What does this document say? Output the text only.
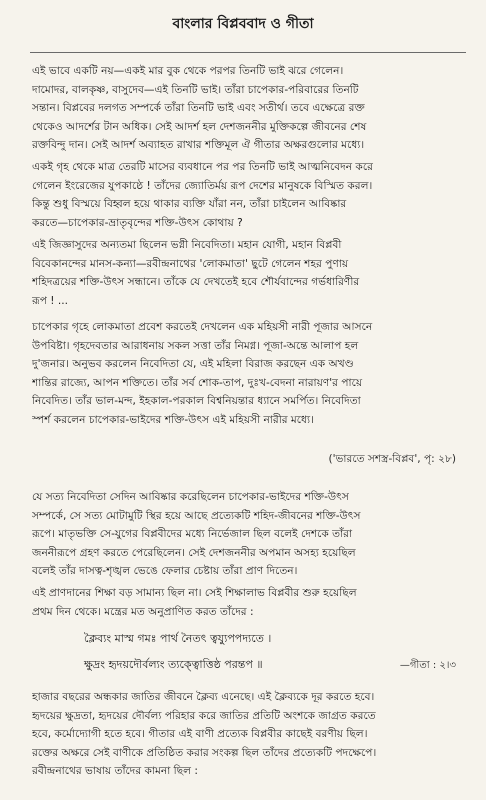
বাংলার বিপ্লববাদ ও গীতা
এই ভাবে একটি নয়—একই মার বুক থেকে পরপর তিনটি ভাই ঝরে গেলেন।
দামোদর, বালকৃষ্ণ, বাসুদেব—এই তিনটি ভাই। তাঁরা চাপেকার-পরিবারের তিনটি
সন্তান। বিপ্লবের দলগত সম্পর্কে তাঁরা তিনটি ভাই এবং সতীর্থ। তবে এক্ষেত্রে রক্ত
থেকেও আদর্শের টান অধিক। সেই আদর্শ হল দেশজননীর মুক্তিকল্পে জীবনের শেষ
রক্তবিন্দু দান। সেই আদর্শ অব্যাহত রাখার শক্তিমূল ঐ গীতার অক্ষরগুলোর মধ্যে।
একই গৃহ থেকে মাত্র তেরটি মাসের ব্যবধানে পর পর তিনটি ভাই আত্মনিবেদন করে
গেলেন ইংরেজের যুপকাষ্ঠে ! তাঁদের জ্যোতির্ময় রূপ দেশের মানুষকে বিস্মিত করল।
কিন্তু শুধু বিস্ময়ে বিহ্বল হয়ে থাকার ব্যক্তি যাঁরা নন, তাঁরা চাইলেন আবিষ্কার
করতে—চাপেকার-ভ্রাতৃবৃন্দের শক্তি-উৎস কোথায় ?
এই জিজ্ঞাসুদের অন্যতমা ছিলেন ভগ্নী নিবেদিতা। মহান যোগী, মহান বিপ্লবী
বিবেকানন্দের মানস-কন্যা—রবীন্দ্রনাথের 'লোকমাতা' ছুটে গেলেন শহর পুণায়
শহিদত্রয়ের শক্তি-উৎস সন্ধানে। তাঁকে যে দেখতেই হবে শৌর্যবান্দের গর্ভধারিণীর
রূপ ! ...
চাপেকার গৃহে লোকমাতা প্রবেশ করতেই দেখলেন এক মহিয়সী নারী পূজার আসনে
উপবিষ্টা। গৃহদেবতার আরাধনায় সকল সত্তা তাঁর নিমগ্ন। পূজা-অন্তে আলাপ হল
দু'জনার। অনুভব করলেন নিবেদিতা যে, এই মহিলা বিরাজ করছেন এক অখণ্ড
শান্তির রাজ্যে, আপন শক্তিতে। তাঁর সর্ব শোক-তাপ, দুঃখ-বেদনা নারায়ণ'র পায়ে
নিবেদিত। তাঁর ভাল-মন্দ, ইহকাল-পরকাল বিশ্বনিয়ন্তার ধ্যানে সমর্পিত। নিবেদিতা
স্পর্শ করলেন চাপেকার-ভাইদের শক্তি-উৎস এই মহিয়সী নারীর মধ্যে।
('ভারতে সশস্ত্র-বিপ্লব', পৃ: ২৮)
যে সত্য নিবেদিতা সেদিন আবিষ্কার করেছিলেন চাপেকার-ভাইদের শক্তি-উৎস
সম্পর্কে, সে সত্য মোটামুটি স্থির হয়ে আছে প্রত্যেকটি শহিদ-জীবনের শক্তি-উৎস
রূপে। মাতৃভক্তি সে-যুগের বিপ্লবীদের মধ্যে নির্ভেজাল ছিল বলেই দেশকে তাঁরা
জননীরূপে গ্রহণ করতে পেরেছিলেন। সেই দেশজননীর অপমান অসহ্য হয়েছিল
বলেই তাঁর দাসত্ব-শৃঙ্খল ভেঙে ফেলার চেষ্টায় তাঁরা প্রাণ দিতেন।
এই প্রাণদানের শিক্ষা বড় সামান্য ছিল না। সেই শিক্ষালাভ বিপ্লবীর শুরু হয়েছিল
প্রথম দিন থেকে। মন্ত্রের মত অনুপ্রাণিত করত তাঁদের :
ক্লৈব্যং মাস্ম গমঃ পার্থ নৈতৎ ত্বয্যুপপদ্যতে ।
ক্ষুদ্রং হৃদয়দৌর্বল্যং ত্যক্ত্বোত্তিষ্ঠ পরন্তপ ॥	—গীতা : ২।৩
হাজার বছরের অন্ধকার জাতির জীবনে ক্লৈব্য এনেছে। এই ক্লৈব্যকে দূর করতে হবে।
হৃদয়ের ক্ষুদ্রতা, হৃদয়ের দৌর্বল্য পরিহার করে জাতির প্রতিটি অংশকে জাগ্রত করতে
হবে, কর্মোদ্যোগী হতে হবে। গীতার এই বাণী প্রত্যেক বিপ্লবীর কাছেই বরণীয় ছিল।
রক্তের অক্ষরে সেই বাণীকে প্রতিষ্ঠিত করার সংকল্প ছিল তাঁদের প্রত্যেকটি পদক্ষেপে।
রবীন্দ্রনাথের ভাষায় তাঁদের কামনা ছিল :
